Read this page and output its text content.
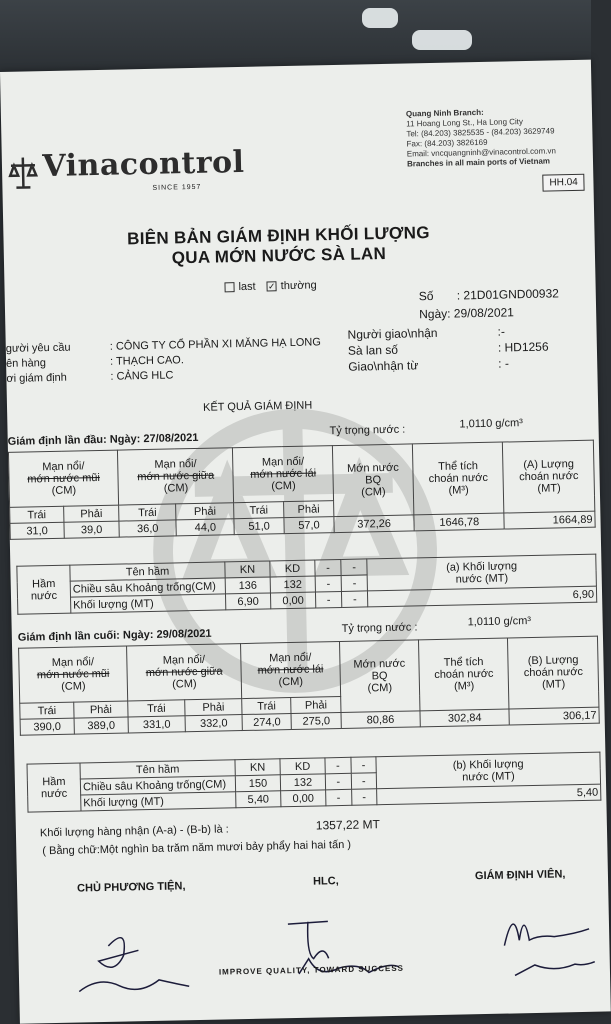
Vinacontrol
SINCE 1957
Quang Ninh Branch:
11 Hoang Long St., Ha Long City
Tel: (84.203) 3825535 - (84.203) 3629749
Fax: (84.203) 3826169
Email: vncquangninh@vinacontrol.com.vn
Branches in all main ports of Vietnam
HH.04
BIÊN BẢN GIÁM ĐỊNH KHỐI LƯỢNG
QUA MỚN NƯỚC SÀ LAN
last ✓ thường
Số : 21D01GND00932
Ngày: 29/08/2021
gười yêu cầu	: CÔNG TY CỔ PHẦN XI MĂNG HẠ LONG
ên hàng	: THẠCH CAO.
ơi giám định	: CẢNG HLC
Người giao\nhận	:-
Sà lan số	: HD1256
Giao\nhận từ	: -
KẾT QUẢ GIÁM ĐỊNH
Giám định lần đầu: Ngày: 27/08/2021
Tỷ trọng nước :	1,0110 g/cm³
Mạn nổi/
mớn nước mũi
(CM)		Mạn nổi/
mớn nước giữa
(CM)		Mạn nổi/
mớn nước lái
(CM)		Mớn nước
BQ
(CM)	Thể tích
choán nước
(M³)	(A) Lượng
choán nước
(MT)
Trái	Phải	Trái	Phải	Trái	Phải			
31,0	39,0	36,0	44,0	51,0	57,0	372,26	1646,78	1664,89
Hầm
nước	Tên hầm	KN	KD	-	-	(a) Khối lượng
nước (MT)
	Chiều sâu Khoảng trống(CM)	136	132	-	-	
	Khối lượng (MT)	6,90	0,00	-	-	6,90
Giám định lần cuối: Ngày: 29/08/2021	Tỷ trọng nước :	1,0110 g/cm³
Mạn nổi/
mớn nước mũi
(CM)		Mạn nổi/
mớn nước giữa
(CM)		Mạn nổi/
mớn nước lái
(CM)		Mớn nước
BQ
(CM)	Thể tích
choán nước
(M³)	(B) Lượng
choán nước
(MT)
Trái	Phải	Trái	Phải	Trái	Phải			
390,0	389,0	331,0	332,0	274,0	275,0	80,86	302,84	306,17
Hầm
nước	Tên hầm	KN	KD	-	-	(b) Khối lượng
nước (MT)
	Chiều sâu Khoảng trống(CM)	150	132	-	-	
	Khối lượng (MT)	5,40	0,00	-	-	5,40
Khối lượng hàng nhận (A-a) - (B-b) là :	1357,22 MT
( Bằng chữ:Một nghìn ba trăm năm mươi bảy phẩy hai hai tấn )
CHỦ PHƯƠNG TIỆN,	HLC,	GIÁM ĐỊNH VIÊN,
IMPROVE QUALITY, TOWARD SUCCESS
